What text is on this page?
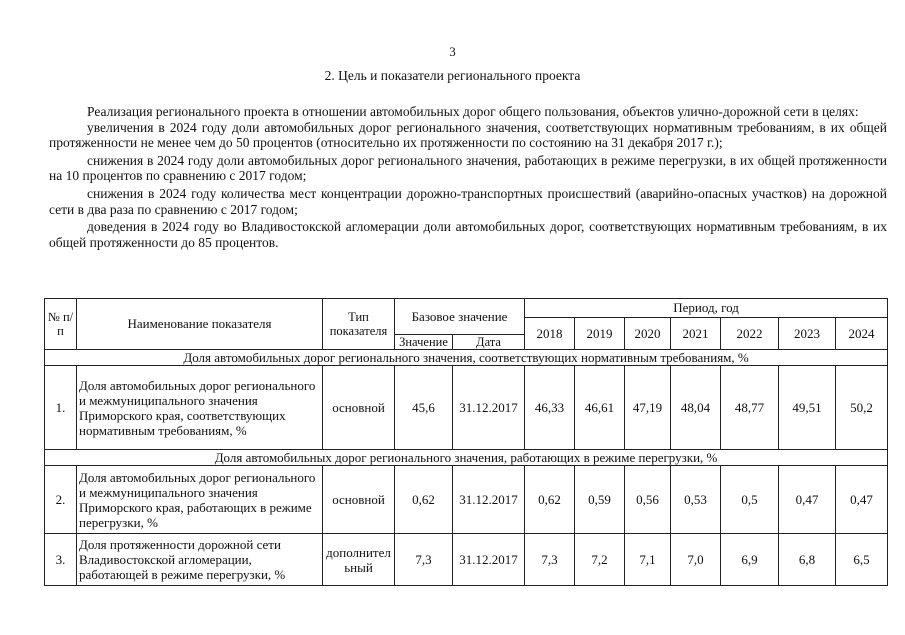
3
2. Цель и показатели регионального проекта

Реализация регионального проекта в отношении автомобильных дорог общего пользования, объектов улично-дорожной сети в целях:

увеличения в 2024 году доли автомобильных дорог регионального значения, соответствующих нормативным требованиям, в их общей протяженности не менее чем до 50 процентов (относительно их протяженности по состоянию на 31 декабря 2017 г.);

снижения в 2024 году доли автомобильных дорог регионального значения, работающих в режиме перегрузки, в их общей протяженности на 10 процентов по сравнению с 2017 годом;

снижения в 2024 году количества мест концентрации дорожно-транспортных происшествий (аварийно-опасных участков) на дорожной сети в два раза по сравнению с 2017 годом;

доведения в 2024 году во Владивостокской агломерации доли автомобильных дорог, соответствующих нормативным требованиям, в их общей протяженности до 85 процентов.

№ п/п	Наименование показателя	Тип показателя	Базовое значение		Период, год						
					2018	2019	2020	2021	2022	2023	2024
			Значение	Дата							
Доля автомобильных дорог регионального значения, соответствующих нормативным требованиям, %											
1.	Доля автомобильных дорог регионального и межмуниципального значения Приморского края, соответствующих нормативным требованиям, %	основной	45,6	31.12.2017	46,33	46,61	47,19	48,04	48,77	49,51	50,2
Доля автомобильных дорог регионального значения, работающих в режиме перегрузки, %											
2.	Доля автомобильных дорог регионального и межмуниципального значения Приморского края, работающих в режиме перегрузки, %	основной	0,62	31.12.2017	0,62	0,59	0,56	0,53	0,5	0,47	0,47
3.	Доля протяженности дорожной сети Владивостокской агломерации, работающей в режиме перегрузки, %	дополнительный	7,3	31.12.2017	7,3	7,2	7,1	7,0	6,9	6,8	6,5
